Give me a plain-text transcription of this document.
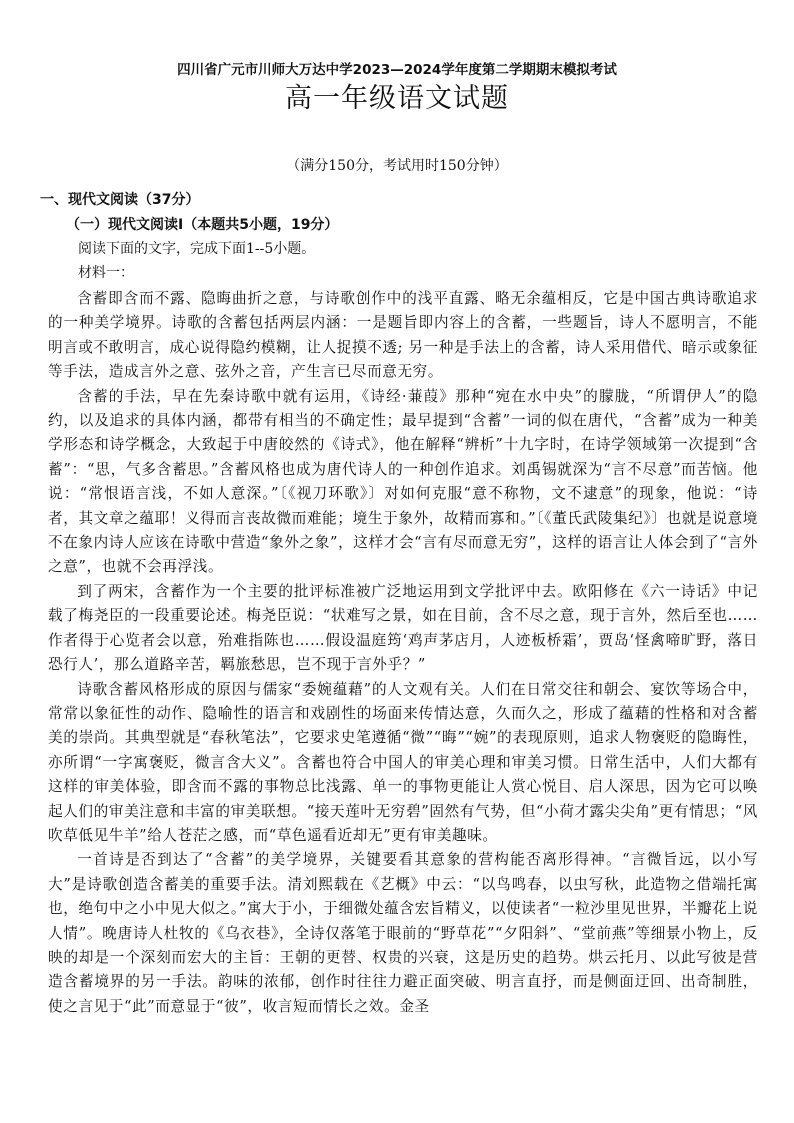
四川省广元市川师大万达中学2023—2024学年度第二学期期末模拟考试
高一年级语文试题
（满分150分，考试用时150分钟）
一、现代文阅读（37分）
（一）现代文阅读Ⅰ（本题共5小题，19分）
阅读下面的文字，完成下面1--5小题。
材料一：

含蓄即含而不露、隐晦曲折之意，与诗歌创作中的浅平直露、略无余蕴相反，它是中国古典诗歌追求的一种美学境界。诗歌的含蓄包括两层内涵：一是题旨即内容上的含蓄，一些题旨，诗人不愿明言，不能明言或不敢明言，成心说得隐约模糊，让人捉摸不透; 另一种是手法上的含蓄，诗人采用借代、暗示或象征等手法，造成言外之意、弦外之音，产生言已尽而意无穷。

含蓄的手法，早在先秦诗歌中就有运用，《诗经·蒹葭》那种“宛在水中央”的朦胧，“所谓伊人”的隐约，以及追求的具体内涵，都带有相当的不确定性；最早提到“含蓄”一词的似在唐代，“含蓄”成为一种美学形态和诗学概念，大致起于中唐皎然的《诗式》，他在解释“辨析”十九字时，在诗学领域第一次提到“含蓄”：“思，气多含蓄思。”含蓄风格也成为唐代诗人的一种创作追求。刘禹锡就深为“言不尽意”而苦恼。他说：“常恨语言浅，不如人意深。”〔《视刀环歌》〕对如何克服“意不称物，文不逮意”的现象，他说：“诗者，其文章之蕴耶！义得而言丧故微而难能；境生于象外，故精而寡和。”〔《董氏武陵集纪》〕也就是说意境不在象内诗人应该在诗歌中营造“象外之象”，这样才会“言有尽而意无穷”，这样的语言让人体会到了“言外之意”，也就不会再浮浅。

到了两宋，含蓄作为一个主要的批评标准被广泛地运用到文学批评中去。欧阳修在《六一诗话》中记载了梅尧臣的一段重要论述。梅尧臣说：“状难写之景，如在目前，含不尽之意，现于言外，然后至也……作者得于心览者会以意，殆难指陈也……假设温庭筠‘鸡声茅店月，人迹板桥霜’，贾岛‘怪禽啼旷野，落日恐行人’，那么道路辛苦，羁旅愁思，岂不现于言外乎？”

诗歌含蓄风格形成的原因与儒家“委婉蕴藉”的人文观有关。人们在日常交往和朝会、宴饮等场合中，常常以象征性的动作、隐喻性的语言和戏剧性的场面来传情达意，久而久之，形成了蕴藉的性格和对含蓄美的崇尚。其典型就是“春秋笔法”，它要求史笔遵循“微”“晦”“婉”的表现原则，追求人物褒贬的隐晦性，亦所谓“一字寓褒贬，微言含大义”。含蓄也符合中国人的审美心理和审美习惯。日常生活中，人们大都有这样的审美体验，即含而不露的事物总比浅露、单一的事物更能让人赏心悦目、启人深思，因为它可以唤起人们的审美注意和丰富的审美联想。“接天莲叶无穷碧”固然有气势，但“小荷才露尖尖角”更有情思；“风吹草低见牛羊”给人苍茫之感，而“草色遥看近却无”更有审美趣味。

一首诗是否到达了“含蓄”的美学境界，关键要看其意象的营构能否离形得神。“言微旨远，以小写大”是诗歌创造含蓄美的重要手法。清刘熙载在《艺概》中云：“以鸟鸣春，以虫写秋，此造物之借端托寓也，绝句中之小中见大似之。”寓大于小，于细微处蕴含宏旨精义，以使读者“一粒沙里见世界，半瓣花上说人情”。晚唐诗人杜牧的《乌衣巷》，全诗仅落笔于眼前的“野草花”“夕阳斜”、“堂前燕”等细景小物上，反映的却是一个深刻而宏大的主旨：王朝的更替、权贵的兴衰，这是历史的趋势。烘云托月、以此写彼是营造含蓄境界的另一手法。韵味的浓郁，创作时往往力避正面突破、明言直抒，而是侧面迂回、出奇制胜，使之言见于“此”而意显于“彼”，收言短而情长之效。金圣
